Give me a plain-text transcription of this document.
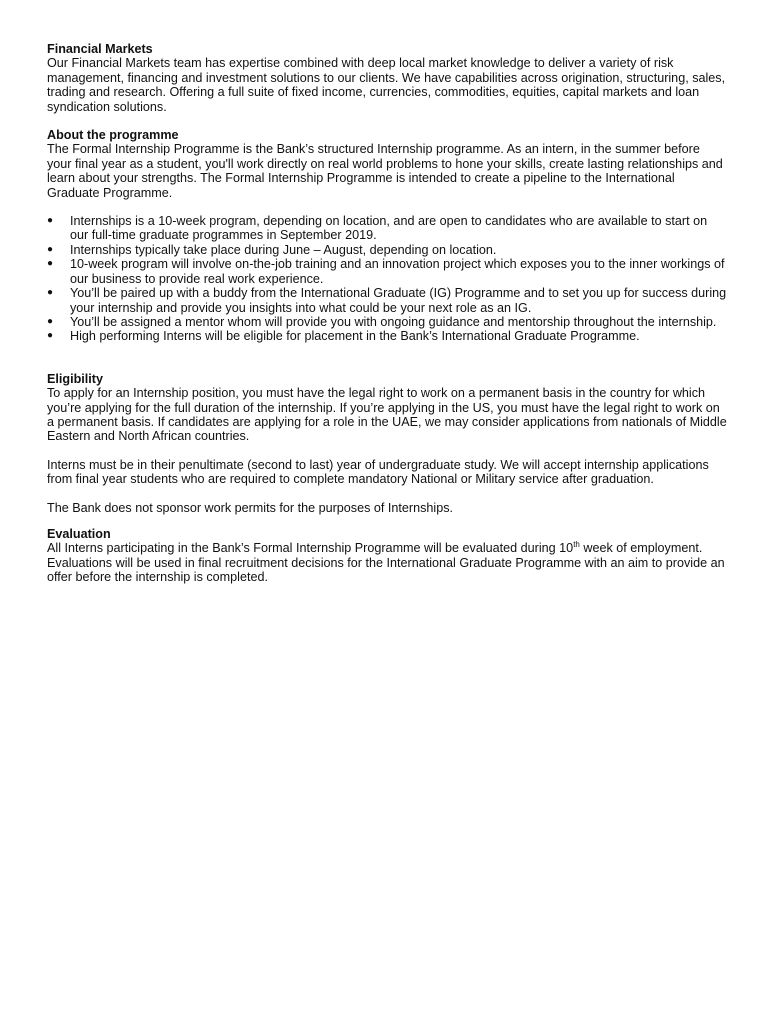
Financial Markets

Our Financial Markets team has expertise combined with deep local market knowledge to deliver a variety of risk management, financing and investment solutions to our clients. We have capabilities across origination, structuring, sales, trading and research. Offering a full suite of fixed income, currencies, commodities, equities, capital markets and loan syndication solutions.

About the programme

The Formal Internship Programme is the Bank’s structured Internship programme. As an intern, in the summer before your final year as a student, you'll work directly on real world problems to hone your skills, create lasting relationships and learn about your strengths. The Formal Internship Programme is intended to create a pipeline to the International Graduate Programme.

● Internships is a 10-week program, depending on location, and are open to candidates who are available to start on our full-time graduate programmes in September 2019.
● Internships typically take place during June – August, depending on location.
● 10-week program will involve on-the-job training and an innovation project which exposes you to the inner workings of our business to provide real work experience.
● You’ll be paired up with a buddy from the International Graduate (IG) Programme and to set you up for success during your internship and provide you insights into what could be your next role as an IG.
● You’ll be assigned a mentor whom will provide you with ongoing guidance and mentorship throughout the internship.
● High performing Interns will be eligible for placement in the Bank’s International Graduate Programme.

Eligibility

To apply for an Internship position, you must have the legal right to work on a permanent basis in the country for which you’re applying for the full duration of the internship. If you’re applying in the US, you must have the legal right to work on a permanent basis. If candidates are applying for a role in the UAE, we may consider applications from nationals of Middle Eastern and North African countries.

Interns must be in their penultimate (second to last) year of undergraduate study. We will accept internship applications from final year students who are required to complete mandatory National or Military service after graduation.

The Bank does not sponsor work permits for the purposes of Internships.

Evaluation

All Interns participating in the Bank’s Formal Internship Programme will be evaluated during 10th week of employment. Evaluations will be used in final recruitment decisions for the International Graduate Programme with an aim to provide an offer before the internship is completed.
